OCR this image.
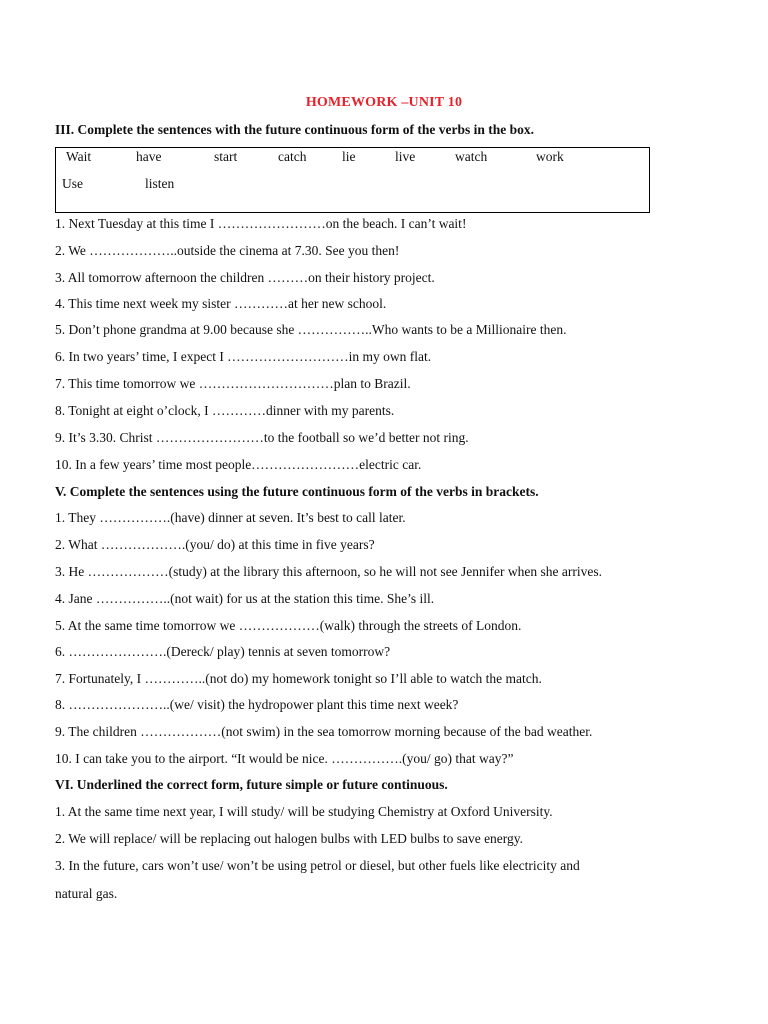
HOMEWORK –UNIT 10
III. Complete the sentences with the future continuous form of the verbs in the box.
Wait	have	start	catch	lie	live	watch	work
Use	listen
1. Next Tuesday at this time I ……………………on the beach. I can’t wait!
2. We ………………..outside the cinema at 7.30. See you then!
3. All tomorrow afternoon the children ………on their history project.
4. This time next week my sister …………at her new school.
5. Don’t phone grandma at 9.00 because she ……………..Who wants to be a Millionaire then.
6. In two years’ time, I expect I ………………………in my own flat.
7. This time tomorrow we …………………………plan to Brazil.
8. Tonight at eight o’clock, I …………dinner with my parents.
9. It’s 3.30. Christ ……………………to the football so we’d better not ring.
10. In a few years’ time most people……………………electric car.
V. Complete the sentences using the future continuous form of the verbs in brackets.
1. They …………….(have) dinner at seven. It’s best to call later.
2. What ……………….(you/ do) at this time in five years?
3. He ………………(study) at the library this afternoon, so he will not see Jennifer when she arrives.
4. Jane ……………..(not wait) for us at the station this time. She’s ill.
5. At the same time tomorrow we ………………(walk) through the streets of London.
6. ………………….(Dereck/ play) tennis at seven tomorrow?
7. Fortunately, I …………..(not do) my homework tonight so I’ll able to watch the match.
8. …………………..(we/ visit) the hydropower plant this time next week?
9. The children ………………(not swim) in the sea tomorrow morning because of the bad weather.
10. I can take you to the airport. “It would be nice. …………….(you/ go) that way?”
VI. Underlined the correct form, future simple or future continuous.
1. At the same time next year, I will study/ will be studying Chemistry at Oxford University.
2. We will replace/ will be replacing out halogen bulbs with LED bulbs to save energy.
3. In the future, cars won’t use/ won’t be using petrol or diesel, but other fuels like electricity and
natural gas.
